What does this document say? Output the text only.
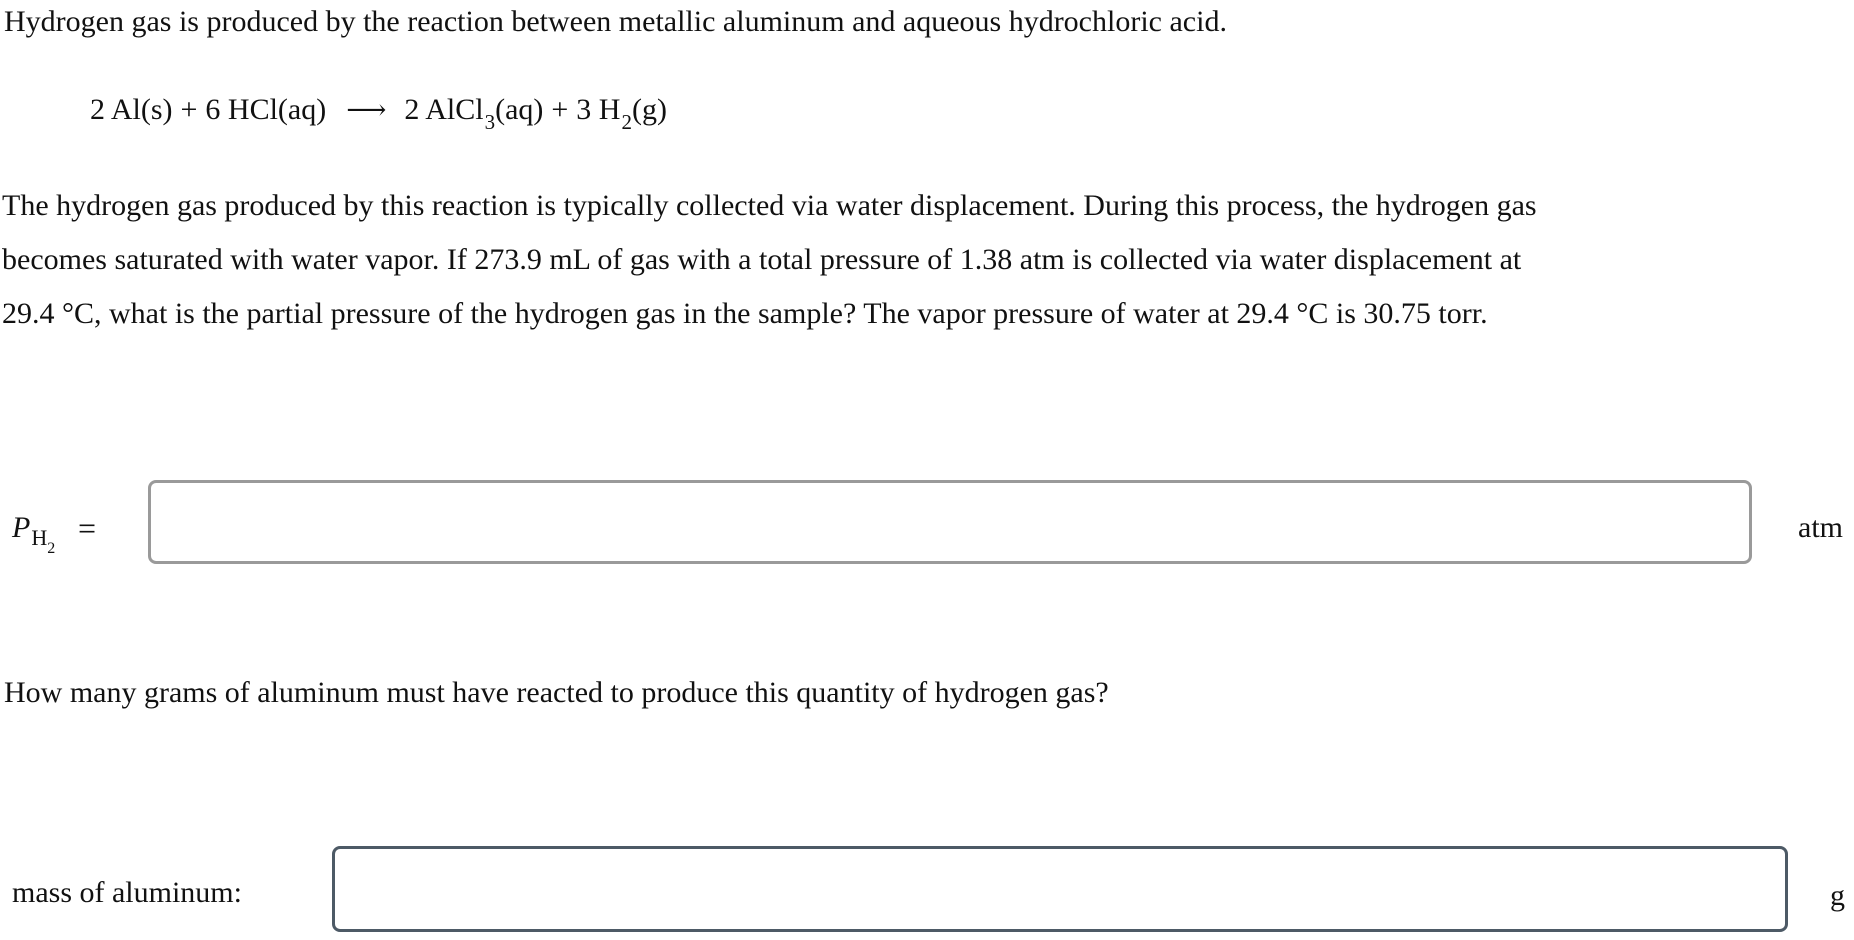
Hydrogen gas is produced by the reaction between metallic aluminum and aqueous hydrochloric acid.
2 Al(s) + 6 HCl(aq) ⟶ 2 AlCl 3 (aq) + 3 H 2 (g)
The hydrogen gas produced by this reaction is typically collected via water displacement. During this process, the hydrogen gas
becomes saturated with water vapor. If 273.9 mL of gas with a total pressure of 1.38 atm is collected via water displacement at
29.4 °C, what is the partial pressure of the hydrogen gas in the sample? The vapor pressure of water at 29.4 °C is 30.75 torr.
P H 2
=	atm
How many grams of aluminum must have reacted to produce this quantity of hydrogen gas?
mass of aluminum:	g
